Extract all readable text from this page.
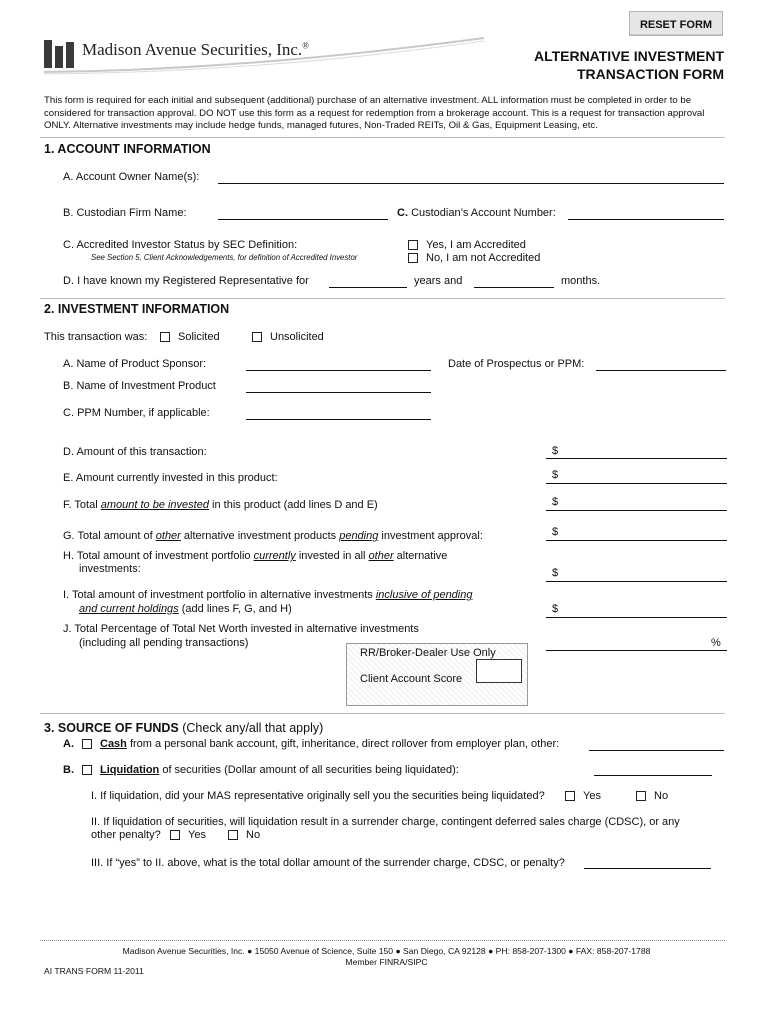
RESET FORM
Madison Avenue Securities, Inc.®
ALTERNATIVE INVESTMENT
TRANSACTION FORM
This form is required for each initial and subsequent (additional) purchase of an alternative investment. ALL information must be completed in order to be considered for transaction approval. DO NOT use this form as a request for redemption from a brokerage account. This is a request for transaction approval ONLY. Alternative investments may include hedge funds, managed futures, Non-Traded REITs, Oil & Gas, Equipment Leasing, etc.
1. ACCOUNT INFORMATION
A. Account Owner Name(s):
B. Custodian Firm Name:	C. Custodian’s Account Number:
C. Accredited Investor Status by SEC Definition:
See Section 5, Client Acknowledgements, for definition of Accredited Investor
Yes, I am Accredited
No, I am not Accredited
D. I have known my Registered Representative for	years and	months.
2. INVESTMENT INFORMATION
This transaction was:	Solicited	Unsolicited
A. Name of Product Sponsor:	Date of Prospectus or PPM:
B. Name of Investment Product
C. PPM Number, if applicable:
D. Amount of this transaction:	$
E. Amount currently invested in this product:	$
F. Total amount to be invested in this product (add lines D and E)	$
G. Total amount of other alternative investment products pending investment approval:	$
H. Total amount of investment portfolio currently invested in all other alternative
investments:	$
I. Total amount of investment portfolio in alternative investments inclusive of pending
and current holdings (add lines F, G, and H)	$
J. Total Percentage of Total Net Worth invested in alternative investments
(including all pending transactions)	%
RR/Broker-Dealer Use Only
Client Account Score
3. SOURCE OF FUNDS (Check any/all that apply)
A. Cash from a personal bank account, gift, inheritance, direct rollover from employer plan, other:
B. Liquidation of securities (Dollar amount of all securities being liquidated):
I. If liquidation, did your MAS representative originally sell you the securities being liquidated?	Yes	No
II. If liquidation of securities, will liquidation result in a surrender charge, contingent deferred sales charge (CDSC), or any
other penalty? Yes	No
III. If “yes” to II. above, what is the total dollar amount of the surrender charge, CDSC, or penalty?
Madison Avenue Securities, Inc. ● 15050 Avenue of Science, Suite 150 ● San Diego, CA 92128 ● PH: 858-207-1300 ● FAX: 858-207-1788
Member FINRA/SIPC
AI TRANS FORM 11-2011
